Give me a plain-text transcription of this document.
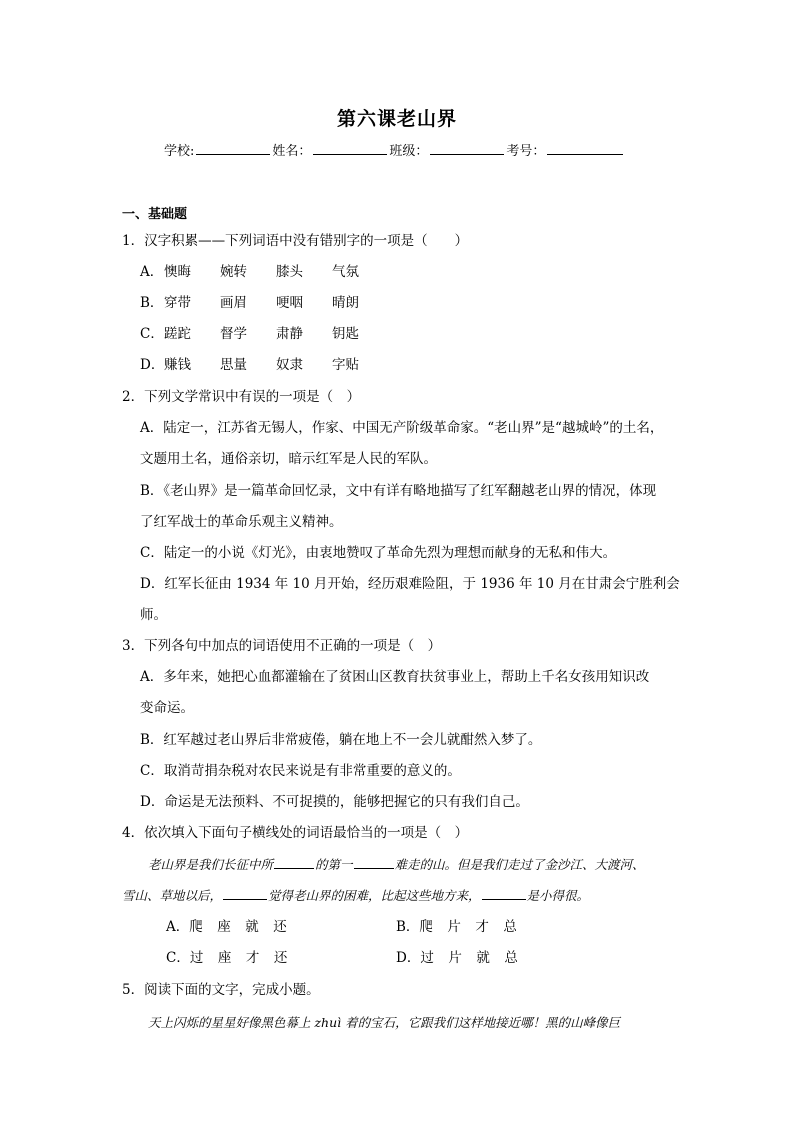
第六课老山界
学校:	姓名：	班级：	考号：
一、基础题
1．汉字积累——下列词语中没有错别字的一项是（　　）
A．懊晦 婉转 膝头 气氛
B．穿带 画眉 哽咽 晴朗
C．蹉跎 督学 肃静 钥匙
D．赚钱 思量 奴隶 字贴
2．下列文学常识中有误的一项是（　）
A．陆定一，江苏省无锡人，作家、中国无产阶级革命家。“老山界”是“越城岭”的土名，
文题用土名，通俗亲切，暗示红军是人民的军队。
B．《老山界》是一篇革命回忆录，文中有详有略地描写了红军翻越老山界的情况，体现
了红军战士的革命乐观主义精神。
C．陆定一的小说《灯光》，由衷地赞叹了革命先烈为理想而献身的无私和伟大。
D．红军长征由 1934 年 10 月开始，经历艰难险阻，于 1936 年 10 月在甘肃会宁胜利会
师。
3．下列各句中加点的词语使用不正确的一项是（　）
A．多年来，她把心血都灌输在了贫困山区教育扶贫事业上，帮助上千名女孩用知识改
变命运。
B．红军越过老山界后非常疲倦，躺在地上不一会儿就酣然入梦了。
C．取消苛捐杂税对农民来说是有非常重要的意义的。
D．命运是无法预料、不可捉摸的，能够把握它的只有我们自己。
4．依次填入下面句子横线处的词语最恰当的一项是（　）
老山界是我们长征中所	的第一	难走的山。但是我们走过了金沙江、大渡河、
雪山、草地以后，	觉得老山界的困难，比起这些地方来，	是小得很。
A．爬 座 就 还	B．爬 片 才 总
C．过 座 才 还	D．过 片 就 总
5．阅读下面的文字，完成小题。
天上闪烁的星星好像黑色幕上 zhuì 着的宝石，它跟我们这样地接近哪！黑的山峰像巨
